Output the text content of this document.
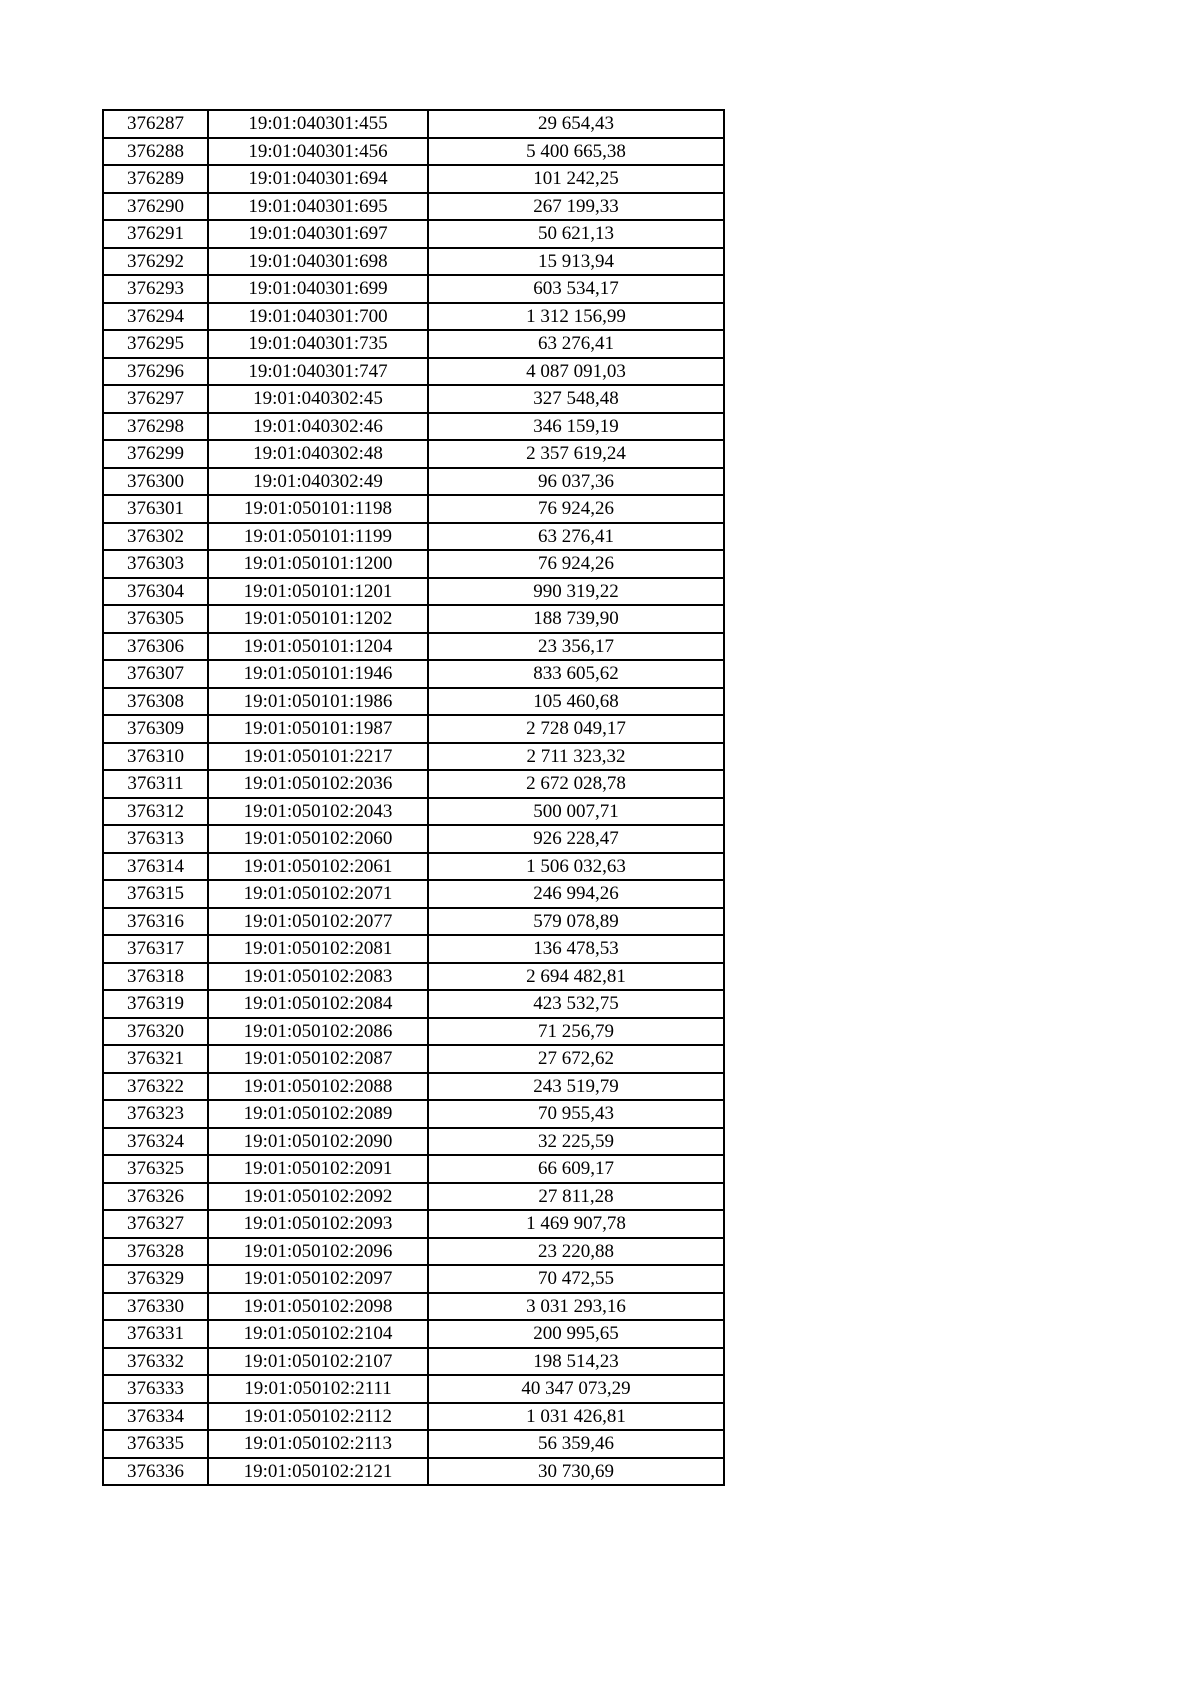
376287	19:01:040301:455	29 654,43
376288	19:01:040301:456	5 400 665,38
376289	19:01:040301:694	101 242,25
376290	19:01:040301:695	267 199,33
376291	19:01:040301:697	50 621,13
376292	19:01:040301:698	15 913,94
376293	19:01:040301:699	603 534,17
376294	19:01:040301:700	1 312 156,99
376295	19:01:040301:735	63 276,41
376296	19:01:040301:747	4 087 091,03
376297	19:01:040302:45	327 548,48
376298	19:01:040302:46	346 159,19
376299	19:01:040302:48	2 357 619,24
376300	19:01:040302:49	96 037,36
376301	19:01:050101:1198	76 924,26
376302	19:01:050101:1199	63 276,41
376303	19:01:050101:1200	76 924,26
376304	19:01:050101:1201	990 319,22
376305	19:01:050101:1202	188 739,90
376306	19:01:050101:1204	23 356,17
376307	19:01:050101:1946	833 605,62
376308	19:01:050101:1986	105 460,68
376309	19:01:050101:1987	2 728 049,17
376310	19:01:050101:2217	2 711 323,32
376311	19:01:050102:2036	2 672 028,78
376312	19:01:050102:2043	500 007,71
376313	19:01:050102:2060	926 228,47
376314	19:01:050102:2061	1 506 032,63
376315	19:01:050102:2071	246 994,26
376316	19:01:050102:2077	579 078,89
376317	19:01:050102:2081	136 478,53
376318	19:01:050102:2083	2 694 482,81
376319	19:01:050102:2084	423 532,75
376320	19:01:050102:2086	71 256,79
376321	19:01:050102:2087	27 672,62
376322	19:01:050102:2088	243 519,79
376323	19:01:050102:2089	70 955,43
376324	19:01:050102:2090	32 225,59
376325	19:01:050102:2091	66 609,17
376326	19:01:050102:2092	27 811,28
376327	19:01:050102:2093	1 469 907,78
376328	19:01:050102:2096	23 220,88
376329	19:01:050102:2097	70 472,55
376330	19:01:050102:2098	3 031 293,16
376331	19:01:050102:2104	200 995,65
376332	19:01:050102:2107	198 514,23
376333	19:01:050102:2111	40 347 073,29
376334	19:01:050102:2112	1 031 426,81
376335	19:01:050102:2113	56 359,46
376336	19:01:050102:2121	30 730,69
